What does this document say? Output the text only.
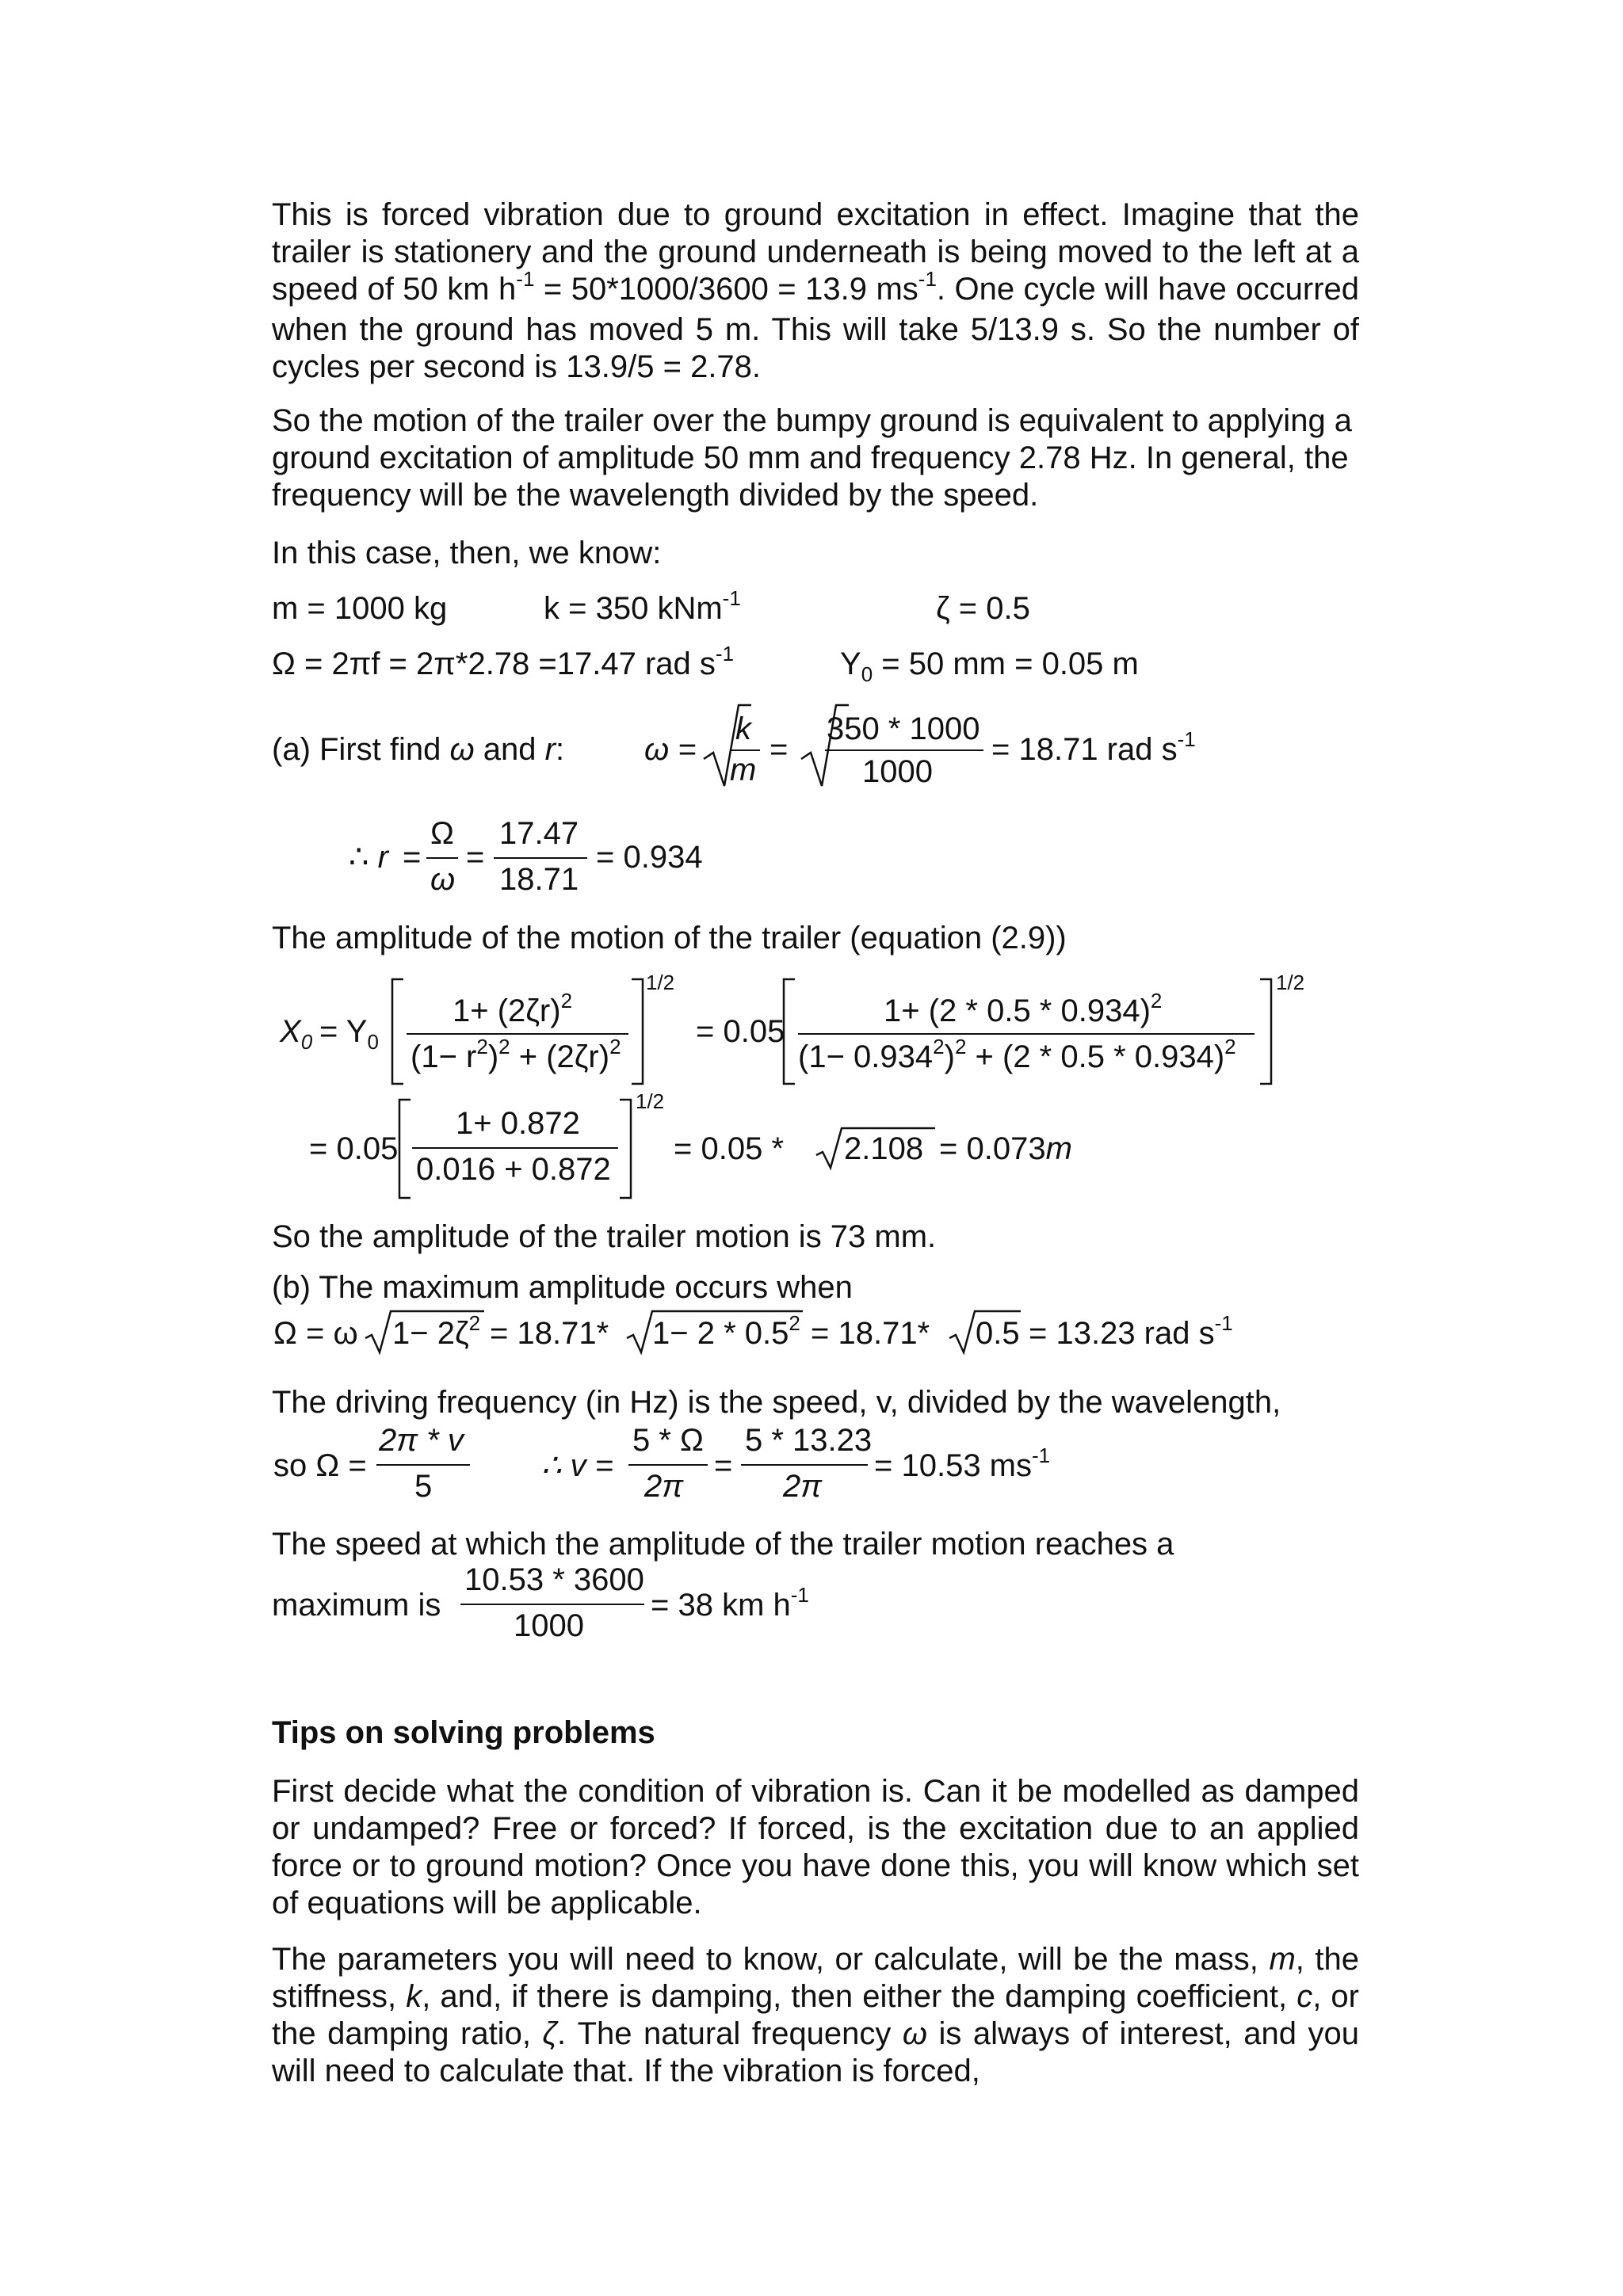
This is forced vibration due to ground excitation in effect. Imagine that the trailer is stationery and the ground underneath is being moved to the left at a speed of 50 km $h^{-1} = 50*1000/3600 = 13.9$ $ms^{-1}$. One cycle will have occurred when the ground has moved 5 m. This will take 5/13.9 s. So the number of cycles per second is 13.9/5 = 2.78.

So the motion of the trailer over the bumpy ground is equivalent to applying a ground excitation of amplitude 50 mm and frequency 2.78 Hz. In general, the frequency will be the wavelength divided by the speed.

In this case, then, we know:

m = 1000 kg	k = 350 kNm$^{-1}$	ζ = 0.5
Ω = 2πf = 2π*2.78 =17.47 rad $s^{-1}$	$Y_0 = 50$ mm = 0.05 m
(a) First find ω and r:	ω =
k
m
=
350 * 1000
1000
= 18.71 rad $s^{-1}$
∴ r =
Ω
ω
=
17.47
18.71
= 0.934

The amplitude of the motion of the trailer (equation (2.9))

$X_0 = Y_0$
$1+ (2\zeta r)^2$
$(1- r^2)^2 + (2\zeta r)^2$
1/2
= 0.05
1+ (2 * 0.5 * 0.934)$^2$
$(1- 0.934^2)^2 + (2 * 0.5 * 0.934)^2$
1/2
= 0.05
1+ 0.872
0.016 + 0.872
1/2
= 0.05 * 2.108 = 0.073m

So the amplitude of the trailer motion is 73 mm.

(b) The maximum amplitude occurs when

Ω = ω $1- 2\zeta^2 = 18.71*$ $1- 2 * 0.5^2 = 18.71*$ 0.5 = 13.23 rad $s^{-1}$

The driving frequency (in Hz) is the speed, v, divided by the wavelength,

so Ω =
2π * v
5
∴ v =
5 * Ω
2π
=
5 * 13.23
2π
= 10.53 $ms^{-1}$

The speed at which the amplitude of the trailer motion reaches a

maximum is
10.53 * 3600
1000
= 38 km $h^{-1}$

Tips on solving problems

First decide what the condition of vibration is. Can it be modelled as damped or undamped? Free or forced? If forced, is the excitation due to an applied force or to ground motion? Once you have done this, you will know which set of equations will be applicable.

The parameters you will need to know, or calculate, will be the mass, m, the stiffness, k, and, if there is damping, then either the damping coefficient, c, or the damping ratio, ζ. The natural frequency ω is always of interest, and you will need to calculate that. If the vibration is forced,
